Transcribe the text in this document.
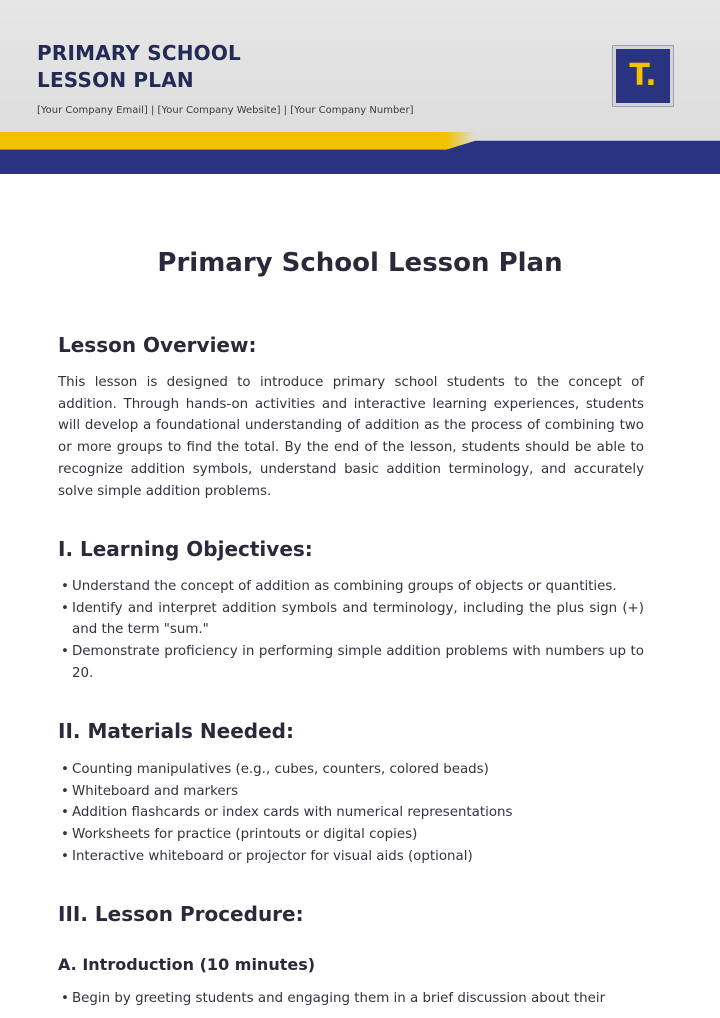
PRIMARY SCHOOL
LESSON PLAN
[Your Company Email] | [Your Company Website] | [Your Company Number]
T.
Primary School Lesson Plan
Lesson Overview:
This lesson is designed to introduce primary school students to the concept of addition. Through hands-on activities and interactive learning experiences, students will develop a foundational understanding of addition as the process of combining two or more groups to find the total. By the end of the lesson, students should be able to recognize addition symbols, understand basic addition terminology, and accurately solve simple addition problems.
I. Learning Objectives:
• Understand the concept of addition as combining groups of objects or quantities.
• Identify and interpret addition symbols and terminology, including the plus sign (+) and the term "sum."
• Demonstrate proficiency in performing simple addition problems with numbers up to 20.
II. Materials Needed:
• Counting manipulatives (e.g., cubes, counters, colored beads)
• Whiteboard and markers
• Addition flashcards or index cards with numerical representations
• Worksheets for practice (printouts or digital copies)
• Interactive whiteboard or projector for visual aids (optional)
III. Lesson Procedure:
A. Introduction (10 minutes)
• Begin by greeting students and engaging them in a brief discussion about their
